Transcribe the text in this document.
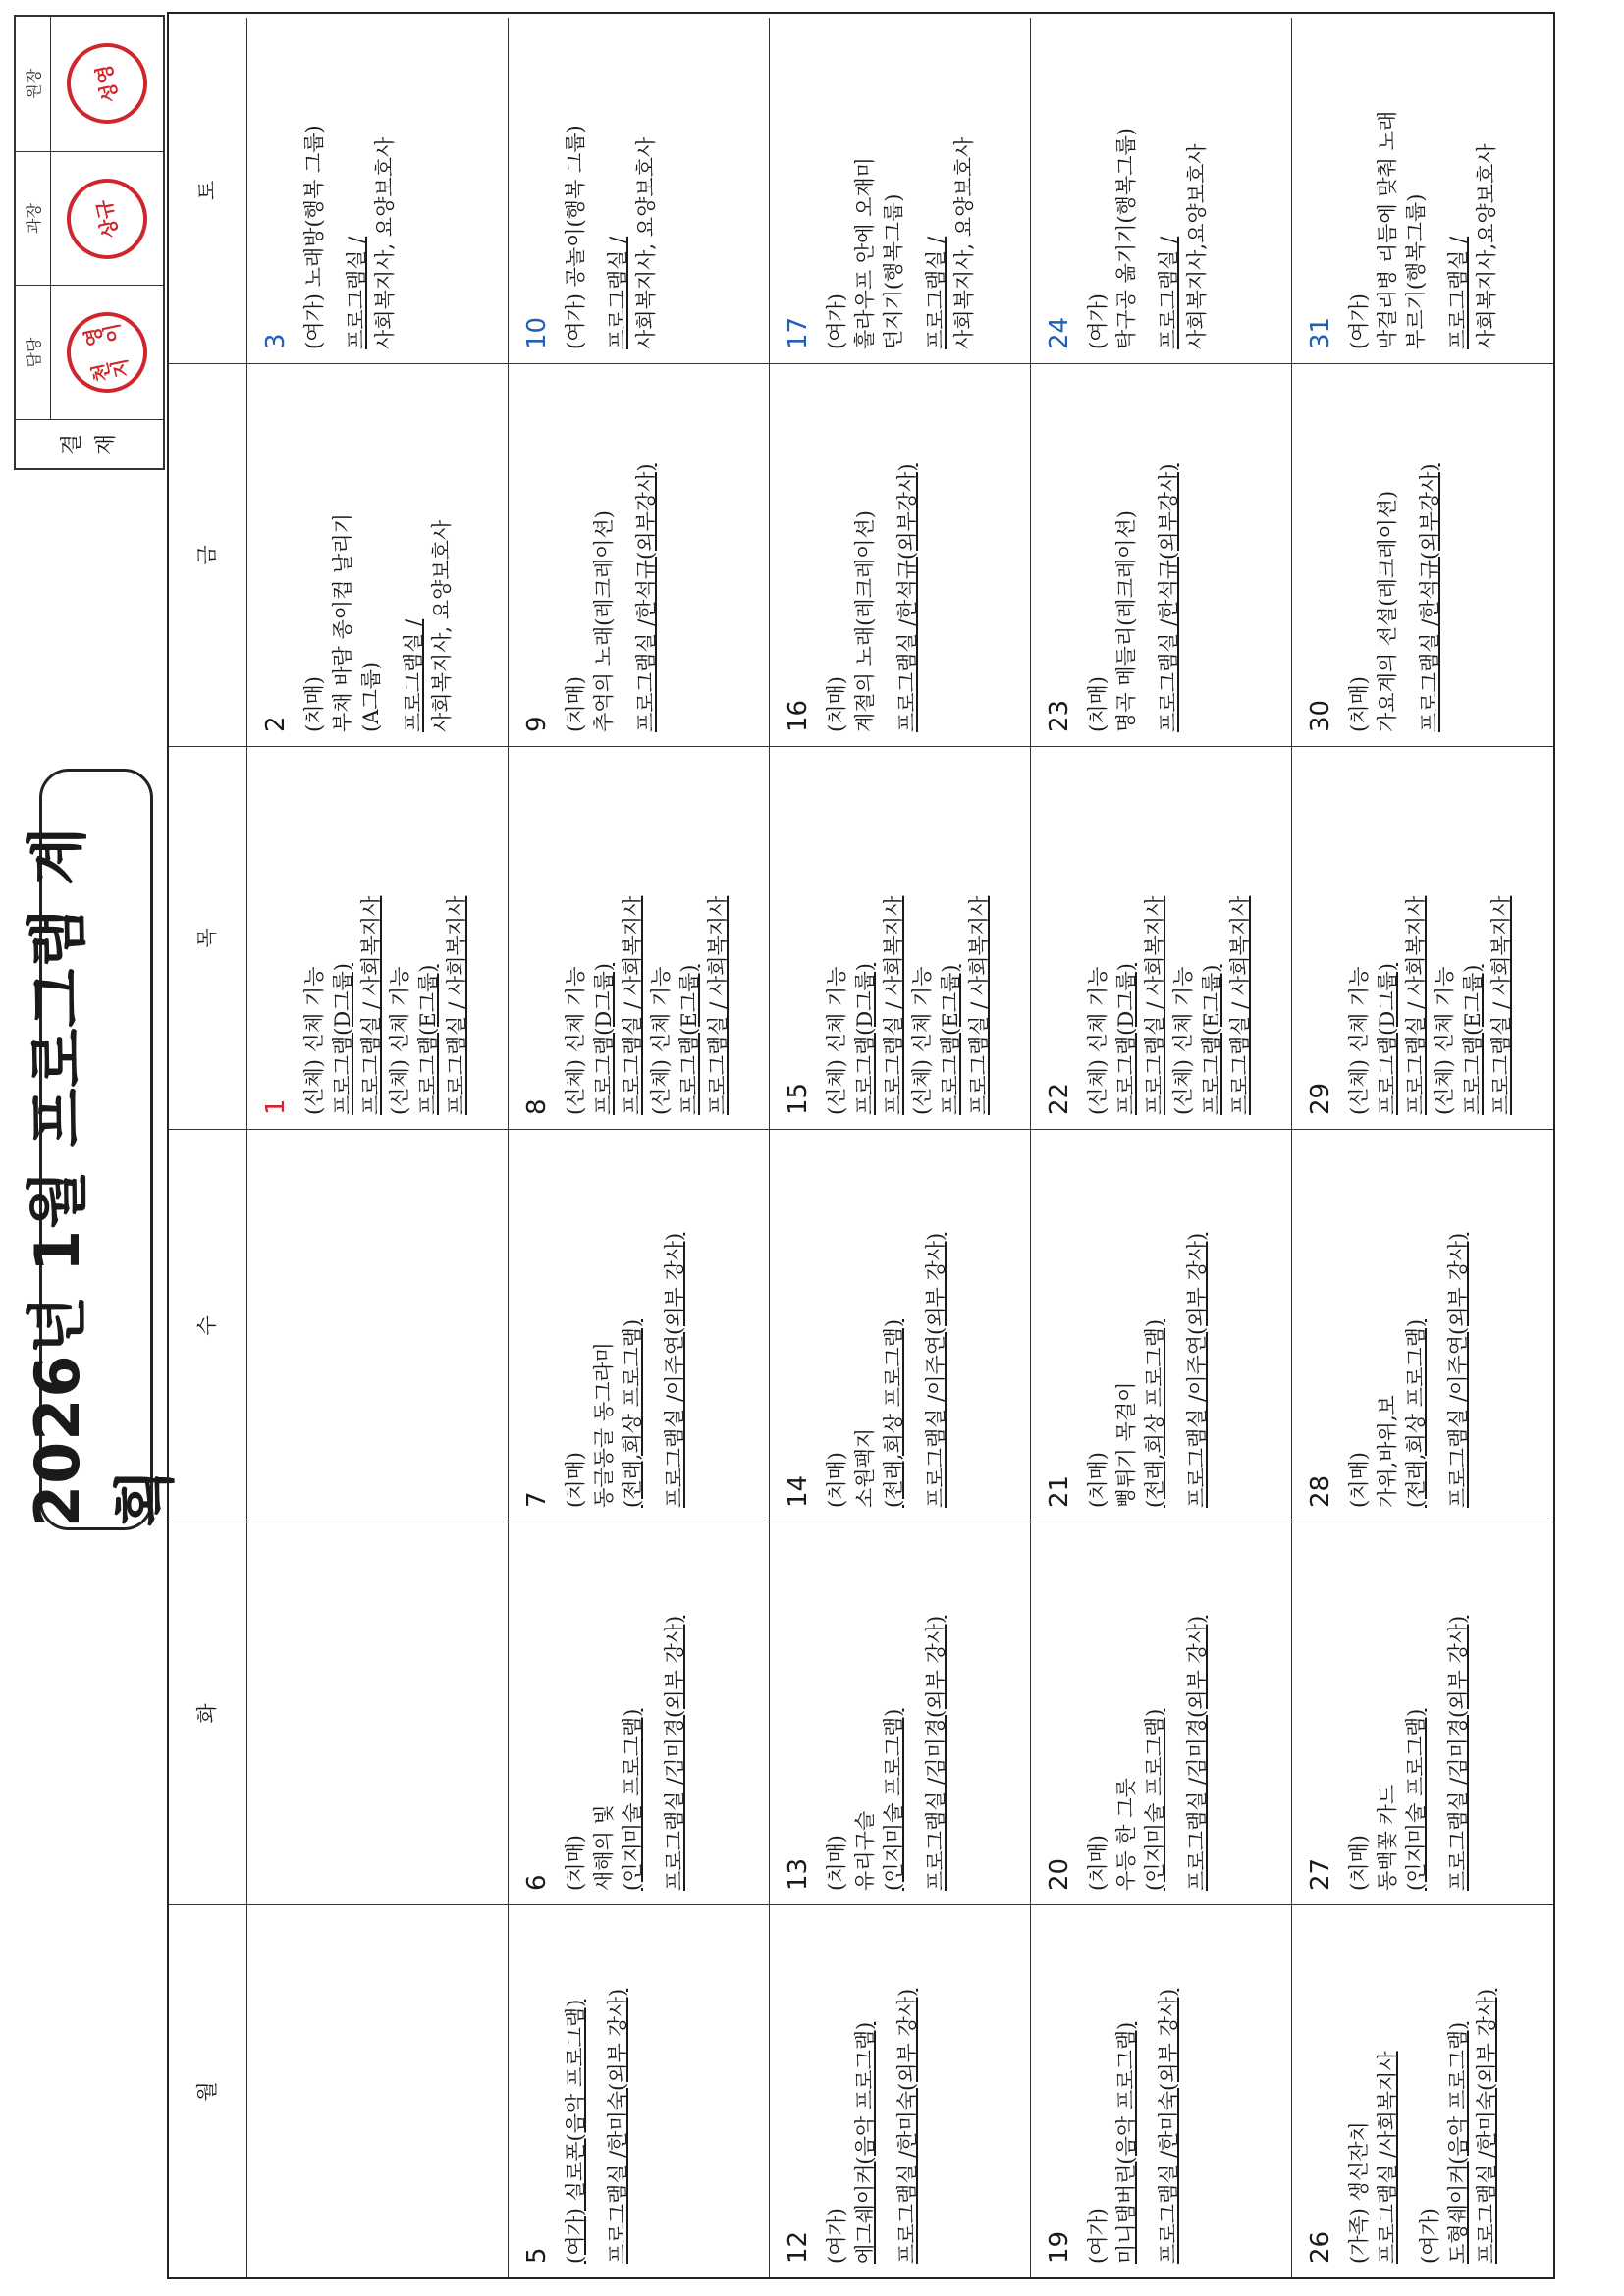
2026년 1월 프로그램 계획
결 재
담당
과장
원장
천지

영이
상

규
성

영
월
화
수
목
금
토
1 (신체) 신체 기능 프로그램(D그룹) 프로그램실 / 사회복지사 (신체) 신체 기능 프로그램(E그룹) 프로그램실 / 사회복지사
2 (치매) 부채 바람 종이컵 날리기 (A그룹) 프로그램실 / 사회복지사, 요양보호사
3 (여가) 노래방(행복 그룹) 프로그램실 / 사회복지사, 요양보호사
5 (여가) 실로폰(음악 프로그램) 프로그램실 /한미숙(외부 강사)
6 (치매) 새해의 빛 (인지미술 프로그램) 프로그램실 /김미경(외부 강사)
7 (치매) 동글동글 동그라미 (전래,회상 프로그램) 프로그램실 /이주연(외부 강사)
8 (신체) 신체 기능 프로그램(D그룹) 프로그램실 / 사회복지사 (신체) 신체 기능 프로그램(E그룹) 프로그램실 / 사회복지사
9 (치매) 추억의 노래(레크레이션) 프로그램실 /한석규(외부강사)
10 (여가) 공놀이(행복 그룹) 프로그램실 / 사회복지사, 요양보호사
12 (여가) 에그쉐이커(음악 프로그램) 프로그램실 /한미숙(외부 강사)
13 (치매) 유리구슬 (인지미술 프로그램) 프로그램실 /김미경(외부 강사)
14 (치매) 소원팩지 (전래,회상 프로그램) 프로그램실 /이주연(외부 강사)
15 (신체) 신체 기능 프로그램(D그룹) 프로그램실 / 사회복지사 (신체) 신체 기능 프로그램(E그룹) 프로그램실 / 사회복지사
16 (치매) 계절의 노래(레크레이션) 프로그램실 /한석규(외부강사)
17 (여가) 훌라우프 안에 오재미 던지기(행복그룹) 프로그램실 / 사회복지사, 요양보호사
19 (여가) 미니탬버린(음악 프로그램) 프로그램실 /한미숙(외부 강사)
20 (치매) 우등 한 그릇 (인지미술 프로그램) 프로그램실 /김미경(외부 강사)
21 (치매) 뻥튀기 목걸이 (전래,회상 프로그램) 프로그램실 /이주연(외부 강사)
22 (신체) 신체 기능 프로그램(D그룹) 프로그램실 / 사회복지사 (신체) 신체 기능 프로그램(E그룹) 프로그램실 / 사회복지사
23 (치매) 명곡 메들리(레크레이션) 프로그램실 /한석규(외부강사)
24 (여가) 탁구공 옮기기(행복그룹) 프로그램실 / 사회복지사,요양보호사
26 (가족) 생신잔치 프로그램실 /사회복지사 (여가) 도형쉐이커(음악 프로그램) 프로그램실 /한미숙(외부 강사)
27 (치매) 동백꽃 카드 (인지미술 프로그램) 프로그램실 /김미경(외부 강사)
28 (치매) 가위,바위,보 (전래,회상 프로그램) 프로그램실 /이주연(외부 강사)
29 (신체) 신체 기능 프로그램(D그룹) 프로그램실 / 사회복지사 (신체) 신체 기능 프로그램(E그룹) 프로그램실 / 사회복지사
30 (치매) 가요계의 전설(레크레이션) 프로그램실 /한석규(외부강사)
31 (여가) 막걸리병 리듬에 맞춰 노래 부르기(행복그룹) 프로그램실 / 사회복지사,요양보호사
